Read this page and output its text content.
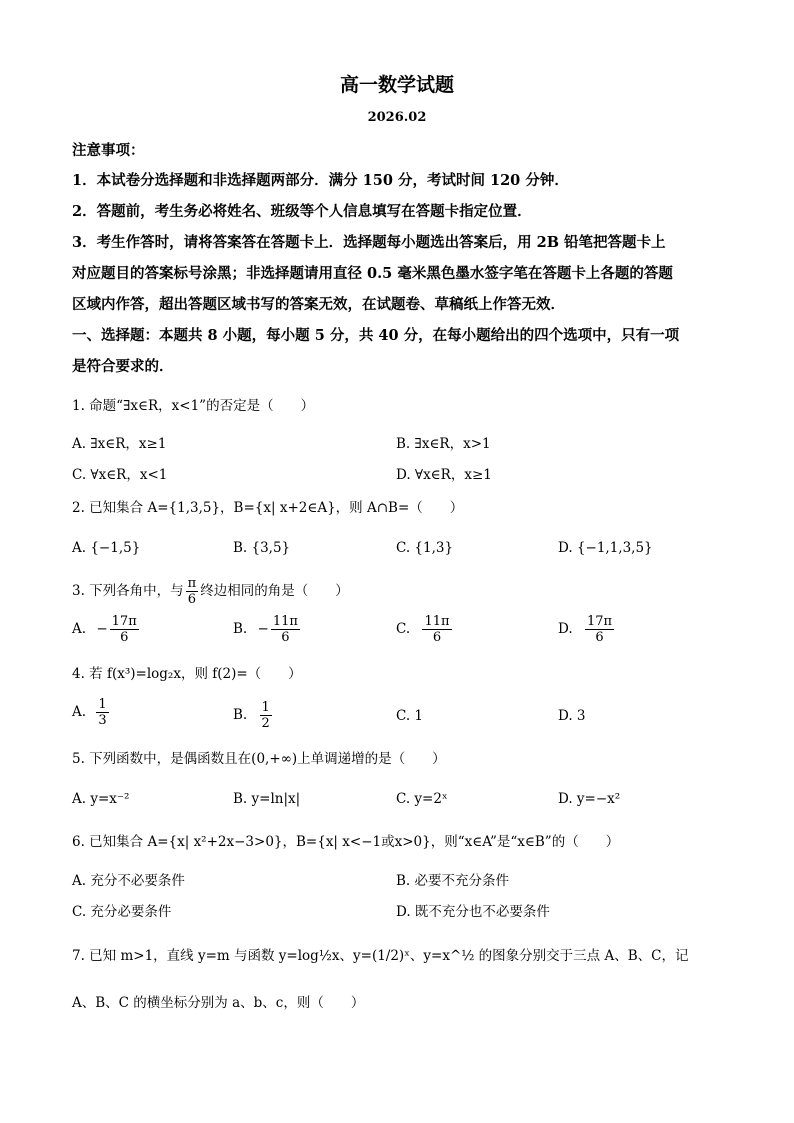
高一数学试题
2026.02
注意事项：
1．本试卷分选择题和非选择题两部分．满分 150 分，考试时间 120 分钟．
2．答题前，考生务必将姓名、班级等个人信息填写在答题卡指定位置．
3．考生作答时，请将答案答在答题卡上．选择题每小题选出答案后，用 2B 铅笔把答题卡上
对应题目的答案标号涂黑；非选择题请用直径 0.5 毫米黑色墨水签字笔在答题卡上各题的答题
区域内作答，超出答题区域书写的答案无效，在试题卷、草稿纸上作答无效．
一、选择题：本题共 8 小题，每小题 5 分，共 40 分，在每小题给出的四个选项中，只有一项
是符合要求的．
1. 命题“∃x∈R，x<1”的否定是（　　）
A. ∃x∈R，x≥1	B. ∃x∈R，x>1
C. ∀x∈R，x<1	D. ∀x∈R，x≥1
2. 已知集合 A={1,3,5}，B={x| x+2∈A}，则 A∩B=（　　）
A. {−1,5}	B. {3,5}	C. {1,3}	D. {−1,1,3,5}
3. 下列各角中，与 $\frac{\pi}{6}$ 终边相同的角是（　　）
A. − $\frac{17\pi}{6}$	B. − $\frac{11\pi}{6}$	C. $\frac{11\pi}{6}$	D. $\frac{17\pi}{6}$
4. 若 f(x³)=log₂x，则 f(2)=（　　）
A. $\frac{1}{3}$	B. $\frac{1}{2}$	C. 1	D. 3
5. 下列函数中，是偶函数且在(0,+∞)上单调递增的是（　　）
A. y=x⁻²	B. y=ln|x|	C. y=2ˣ	D. y=−x²
6. 已知集合 A={x| x²+2x−3>0}，B={x| x<−1或x>0}，则“x∈A”是“x∈B”的（　　）
A. 充分不必要条件	B. 必要不充分条件
C. 充分必要条件	D. 既不充分也不必要条件
7. 已知 m>1，直线 y=m 与函数 y=log½x、y=(1/2)ˣ、y=x^½ 的图象分别交于三点 A、B、C，记
A、B、C 的横坐标分别为 a、b、c，则（　　）
